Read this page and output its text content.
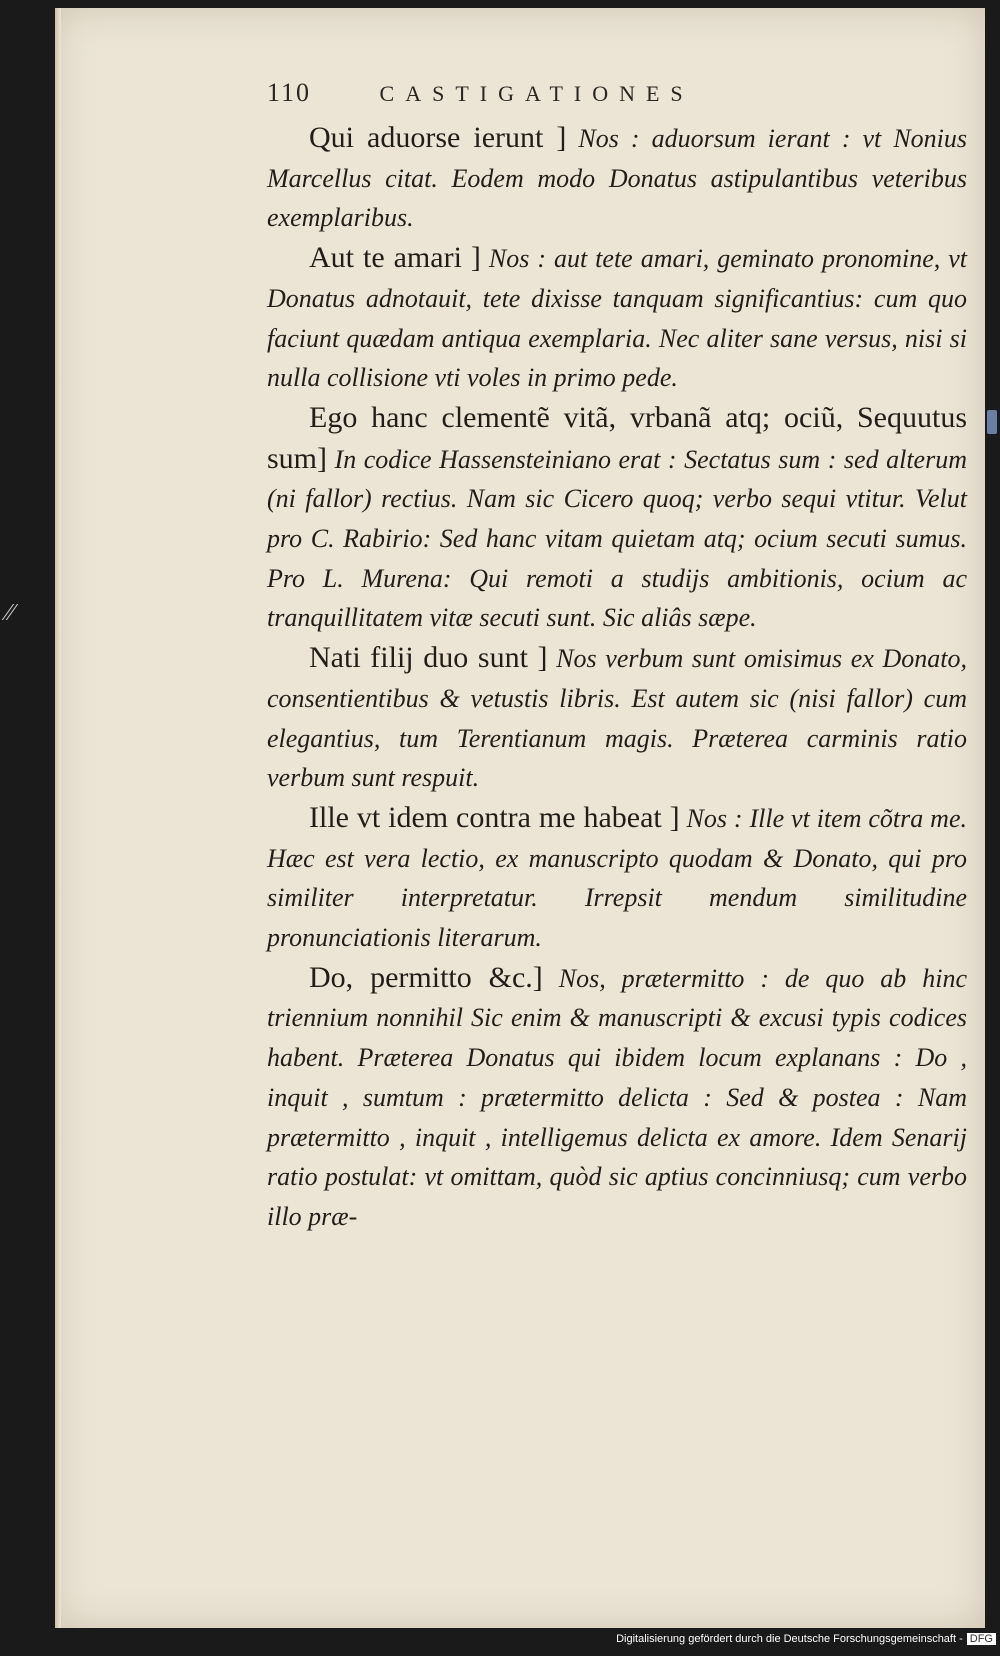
⁄⁄
110	CASTIGATIONES

Qui aduorse ierunt ] Nos : aduorsum ierant : vt Nonius Marcellus citat. Eodem modo Donatus astipulantibus veteribus exemplaribus.

Aut te amari ] Nos : aut tete amari, geminato pronomine, vt Donatus adnotauit, tete dixisse tanquam significantius: cum quo faciunt quædam antiqua exemplaria. Nec aliter sane versus, nisi si nulla collisione vti voles in primo pede.

Ego hanc clementẽ vitã, vrbanã atq; ociũ, Sequutus sum] In codice Hassensteiniano erat : Sectatus sum : sed alterum (ni fallor) rectius. Nam sic Cicero quoq; verbo sequi vtitur. Velut pro C. Rabirio: Sed hanc vitam quietam atq; ocium secuti sumus. Pro L. Murena: Qui remoti a studijs ambitionis, ocium ac tranquillitatem vitæ secuti sunt. Sic aliâs sæpe.

Nati filij duo sunt ] Nos verbum sunt omisimus ex Donato, consentientibus & vetustis libris. Est autem sic (nisi fallor) cum elegantius, tum Terentianum magis. Præterea carminis ratio verbum sunt respuit.

Ille vt idem contra me habeat ] Nos : Ille vt item cõtra me. Hæc est vera lectio, ex manuscripto quodam & Donato, qui pro similiter interpretatur. Irrepsit mendum similitudine pronunciationis literarum.

Do, permitto &c.] Nos, prætermitto : de quo ab hinc triennium nonnihil Sic enim & manuscripti & excusi typis codices habent. Præterea Donatus qui ibidem locum explanans : Do , inquit , sumtum : prætermitto delicta : Sed & postea : Nam prætermitto , inquit , intelligemus delicta ex amore. Idem Senarij ratio postulat: vt omittam, quòd sic aptius concinniusq; cum verbo illo præ-

Digitalisierung gefördert durch die Deutsche Forschungsgemeinschaft - DFG
